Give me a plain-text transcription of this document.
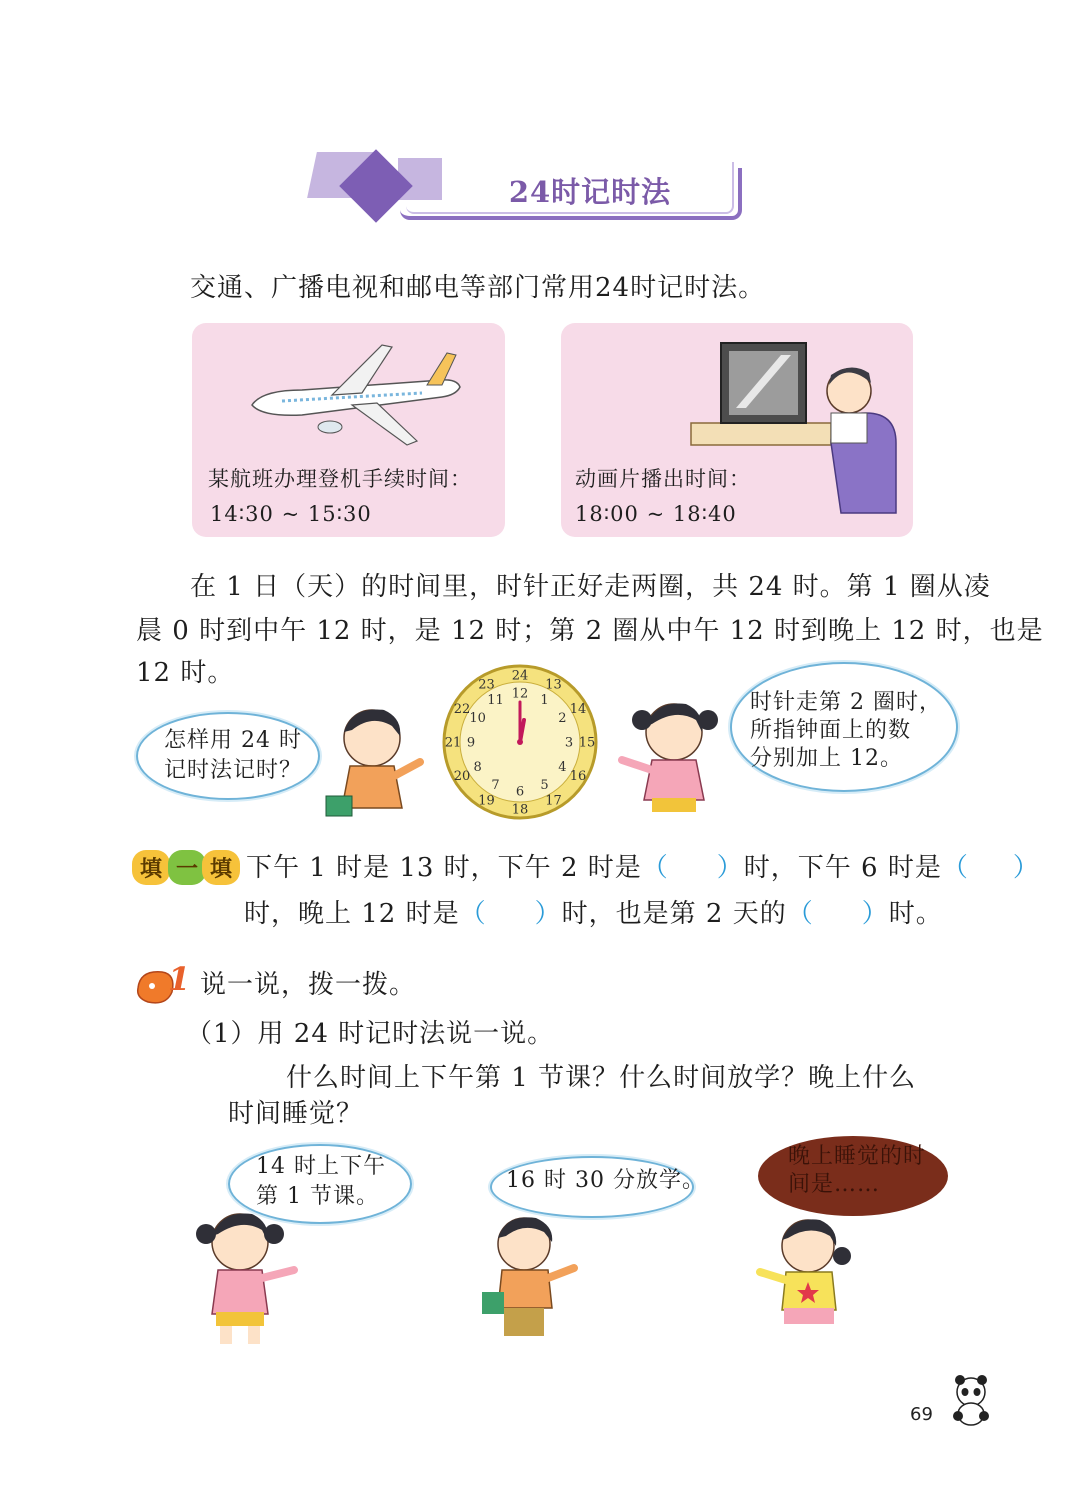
24时记时法
交通、广播电视和邮电等部门常用24时记时法。
某航班办理登机手续时间：
14∶30 ~ 15∶30
动画片播出时间：
18∶00 ~ 18∶40
在 1 日（天）的时间里，时针正好走两圈，共 24 时。第 1 圈从凌
晨 0 时到中午 12 时，是 12 时；第 2 圈从中午 12 时到晚上 12 时，也是
12 时。
怎样用 24 时
记时法记时？
24
13
14
15
16
17
18
19
20
21
22
23
12 1
2
3
4
5
6
7
8
9
10
11	时针走第 2 圈时，
所指钟面上的数
分别加上 12。
填 一 填 下午 1 时是 13 时，下午 2 时是（ ）时，下午 6 时是（ ）
时，晚上 12 时是（ ）时，也是第 2 天的（ ）时。
1 说一说，拨一拨。
（1）用 24 时记时法说一说。
什么时间上下午第 1 节课？什么时间放学？晚上什么
时间睡觉？
14 时上下午
第 1 节课。
16 时 30 分放学。
晚上睡觉的时
间是……
69
